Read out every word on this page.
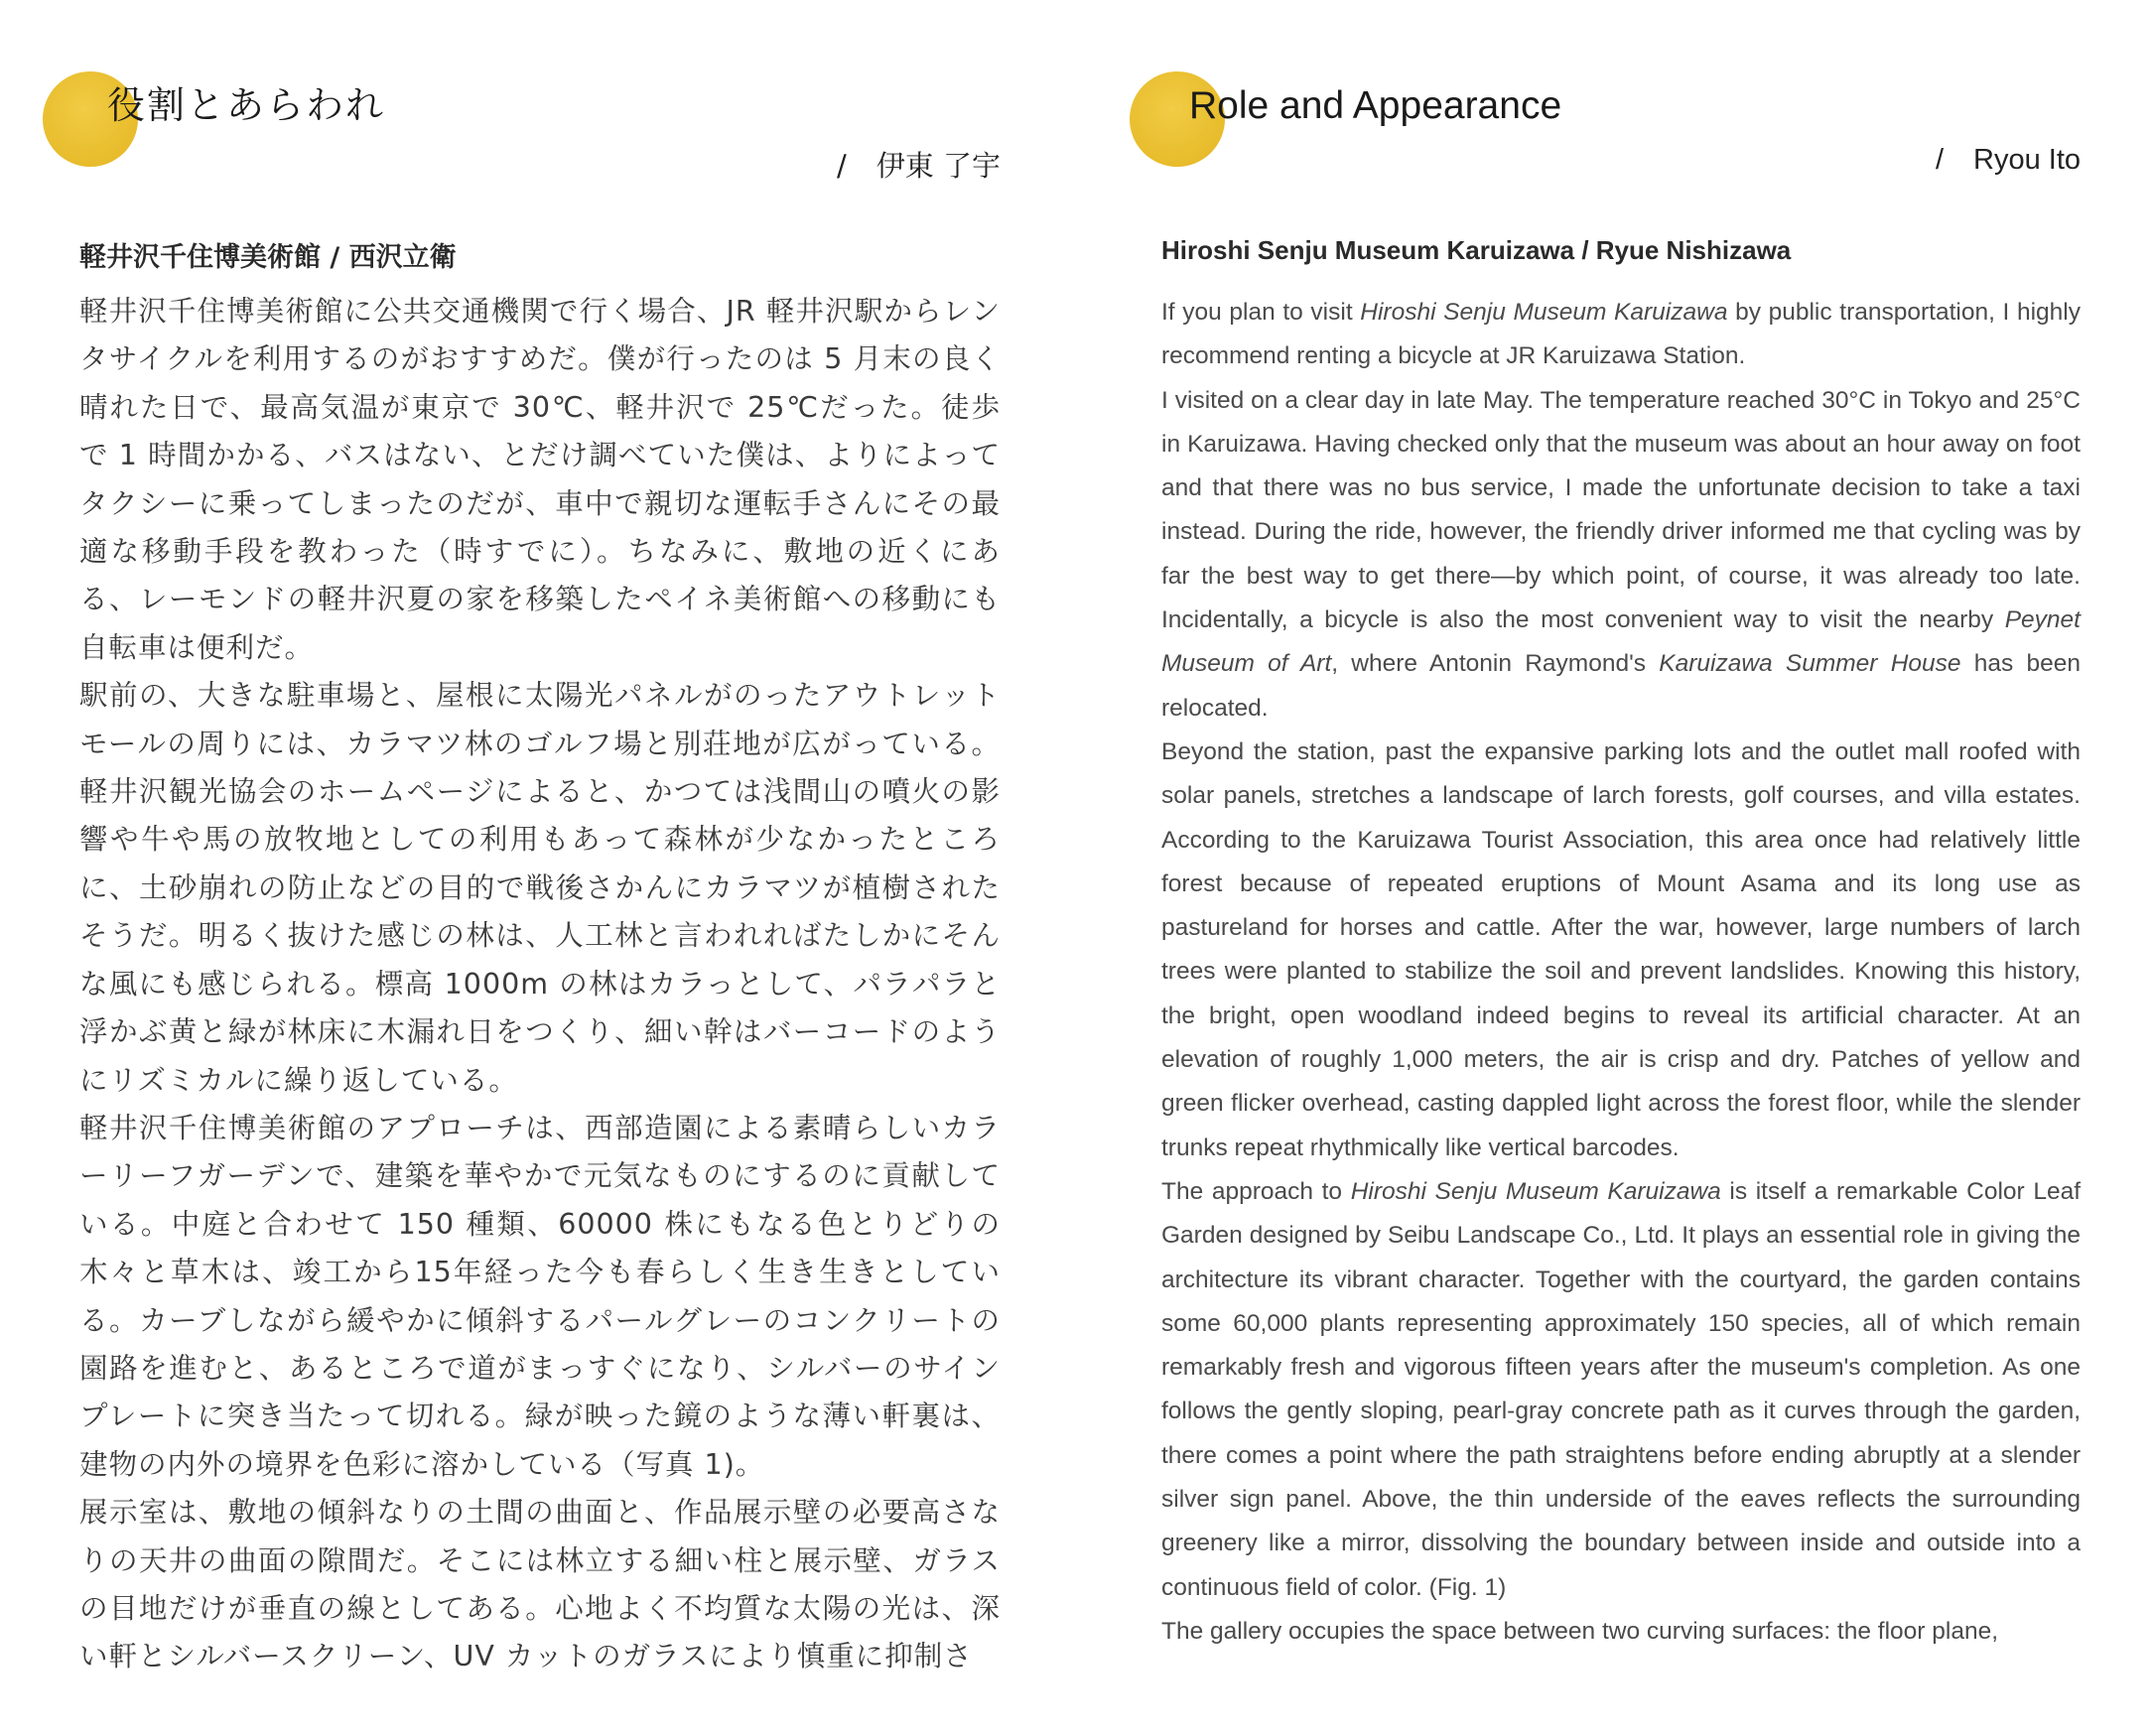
役割とあらわれ
/ 伊東 了宇
軽井沢千住博美術館 / 西沢立衛

軽井沢千住博美術館に公共交通機関で行く場合、JR 軽井沢駅からレンタサイクルを利用するのがおすすめだ。僕が行ったのは 5 月末の良く晴れた日で、最高気温が東京で 30℃、軽井沢で 25℃だった。徒歩で 1 時間かかる、バスはない、とだけ調べていた僕は、よりによってタクシーに乗ってしまったのだが、車中で親切な運転手さんにその最適な移動手段を教わった（時すでに）。ちなみに、敷地の近くにある、レーモンドの軽井沢夏の家を移築したペイネ美術館への移動にも自転車は便利だ。

駅前の、大きな駐車場と、屋根に太陽光パネルがのったアウトレットモールの周りには、カラマツ林のゴルフ場と別荘地が広がっている。軽井沢観光協会のホームページによると、かつては浅間山の噴火の影響や牛や馬の放牧地としての利用もあって森林が少なかったところに、土砂崩れの防止などの目的で戦後さかんにカラマツが植樹されたそうだ。明るく抜けた感じの林は、人工林と言われればたしかにそんな風にも感じられる。標高 1000m の林はカラっとして、パラパラと浮かぶ黄と緑が林床に木漏れ日をつくり、細い幹はバーコードのようにリズミカルに繰り返している。

軽井沢千住博美術館のアプローチは、西部造園による素晴らしいカラーリーフガーデンで、建築を華やかで元気なものにするのに貢献している。中庭と合わせて 150 種類、60000 株にもなる色とりどりの木々と草木は、竣工から15年経った今も春らしく生き生きとしている。カーブしながら緩やかに傾斜するパールグレーのコンクリートの園路を進むと、あるところで道がまっすぐになり、シルバーのサインプレートに突き当たって切れる。緑が映った鏡のような薄い軒裏は、建物の内外の境界を色彩に溶かしている（写真 1)。

展示室は、敷地の傾斜なりの土間の曲面と、作品展示壁の必要高さなりの天井の曲面の隙間だ。そこには林立する細い柱と展示壁、ガラスの目地だけが垂直の線としてある。心地よく不均質な太陽の光は、深い軒とシルバースクリーン、UV カットのガラスにより慎重に抑制さ

Role and Appearance
/ Ryou Ito
Hiroshi Senju Museum Karuizawa / Ryue Nishizawa

If you plan to visit Hiroshi Senju Museum Karuizawa by public transportation, I highly recommend renting a bicycle at JR Karuizawa Station.

I visited on a clear day in late May. The temperature reached 30°C in Tokyo and 25°C in Karuizawa. Having checked only that the museum was about an hour away on foot and that there was no bus service, I made the unfortunate decision to take a taxi instead. During the ride, however, the friendly driver informed me that cycling was by far the best way to get there—by which point, of course, it was already too late. Incidentally, a bicycle is also the most convenient way to visit the nearby Peynet Museum of Art, where Antonin Raymond's Karuizawa Summer House has been relocated.

Beyond the station, past the expansive parking lots and the outlet mall roofed with solar panels, stretches a landscape of larch forests, golf courses, and villa estates. According to the Karuizawa Tourist Association, this area once had relatively little forest because of repeated eruptions of Mount Asama and its long use as pastureland for horses and cattle. After the war, however, large numbers of larch trees were planted to stabilize the soil and prevent landslides. Knowing this history, the bright, open woodland indeed begins to reveal its artificial character. At an elevation of roughly 1,000 meters, the air is crisp and dry. Patches of yellow and green flicker overhead, casting dappled light across the forest floor, while the slender trunks repeat rhythmically like vertical barcodes.

The approach to Hiroshi Senju Museum Karuizawa is itself a remarkable Color Leaf Garden designed by Seibu Landscape Co., Ltd. It plays an essential role in giving the architecture its vibrant character. Together with the courtyard, the garden contains some 60,000 plants representing approximately 150 species, all of which remain remarkably fresh and vigorous fifteen years after the museum's completion. As one follows the gently sloping, pearl-gray concrete path as it curves through the garden, there comes a point where the path straightens before ending abruptly at a slender silver sign panel. Above, the thin underside of the eaves reflects the surrounding greenery like a mirror, dissolving the boundary between inside and outside into a continuous field of color. (Fig. 1)

The gallery occupies the space between two curving surfaces: the floor plane,
